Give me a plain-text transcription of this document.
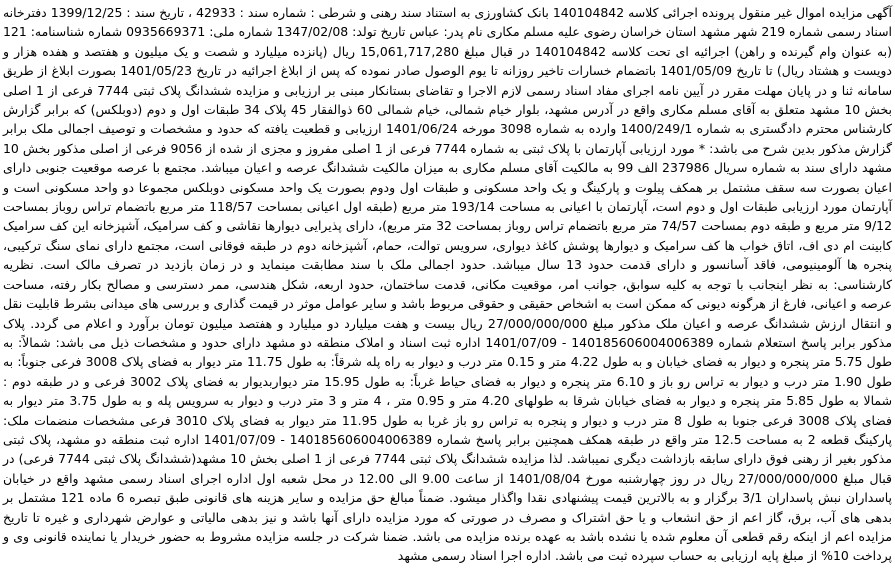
آگهی مزایده اموال غیر منقول پرونده اجرائی کلاسه 140104842 بانک کشاورزی به استناد سند رهنی و شرطی : شماره سند : 42933 ، تاریخ سند : 1399/12/25 دفترخانه اسناد رسمی شماره 219 شهر مشهد استان خراسان رضوی علیه مسلم مکاری نام پدر: عباس تاریخ تولد: 1347/02/08 شماره ملی: 0935669371 شماره شناسنامه: 121 (به عنوان وام گیرنده و راهن) اجرائیه ای تحت کلاسه 140104842 در قبال مبلغ 15,061,717,280 ریال (پانزده میلیارد و شصت و یک میلیون و هفتصد و هفده هزار و دویست و هشتاد ریال) تا تاریخ 1401/05/09 باتضمام خسارات تاخیر روزانه تا یوم الوصول صادر نموده که پس از ابلاغ اجرائیه در تاریخ 1401/05/23 بصورت ابلاغ از طریق سامانه ثنا و در پایان مهلت مقرر در آیین نامه اجرای مفاد اسناد رسمی لازم الاجرا و تقاضای بستانکار مبنی بر ارزیابی و مزایده ششدانگ پلاک ثبتی 7744 فرعی از 1 اصلی بخش 10 مشهد متعلق به آقای مسلم مکاری واقع در آدرس مشهد، بلوار خیام شمالی، خیام شمالی 60 ذوالفقار 45 پلاک 34 طبقات اول و دوم (دوبلکس) که برابر گزارش کارشناس محترم دادگستری به شماره 1400/249/1 وارده به شماره 3098 مورخه 1401/06/24 ارزیابی و قطعیت یافته که حدود و مشخصات و توصیف اجمالی ملک برابر گزارش مذکور بدین شرح می باشد: * مورد ارزیابی آپارتمان با پلاک ثبتی به شماره 7744 فرعی از 1 اصلی مفروز و مجزی از شده از 9056 فرعی از اصلی مذکور بخش 10 مشهد دارای سند به شماره سریال 237986 الف 99 به مالکیت آقای مسلم مکاری به میزان مالکیت ششدانگ عرصه و اعیان میباشد. مجتمع با عرصه موقعیت جنوبی دارای اعیان بصورت سه سقف مشتمل بر همکف پیلوت و پارکینگ و یک واحد مسکونی و طبقات اول ودوم بصورت یک واحد مسکونی دوبلکس مجموعا دو واحد مسکونی است و آپارتمان مورد ارزیابی طبقات اول و دوم است، آپارتمان با اعیانی به مساحت 193/14 متر مربع (طبقه اول اعیانی بمساحت 118/57 متر مربع باتضمام تراس روباز بمساحت 9/12 متر مربع و طبقه دوم بمساحت 74/57 متر مربع باتضمام تراس روباز بمساحت 32 متر مربع)، دارای پذیرایی دیوارها نقاشی و کف سرامیک، آشپزخانه این کف سرامیک کابینت ام دی اف، اتاق خواب ها کف سرامیک و دیوارها پوشش کاغذ دیواری، سرویس توالت، حمام، آشپزخانه دوم در طبقه فوقانی است، مجتمع دارای نمای سنگ ترکیبی، پنجره ها آلومینیومی، فاقد آسانسور و دارای قدمت حدود 13 سال میباشد. حدود اجمالی ملک با سند مطابقت مینماید و در زمان بازدید در تصرف مالک است. نظریه کارشناسی: به نظر اینجانب با توجه به کلیه سوابق، جوانب امر، موقعیت مکانی، قدمت ساختمان، حدود اربعه، شکل هندسی، ممر دسترسی و مصالح بکار رفته، مساحت عرصه و اعیانی، فارغ از هرگونه دیونی که ممکن است به اشخاص حقیقی و حقوقی مربوط باشد و سایر عوامل موثر در قیمت گذاری و بررسی های میدانی بشرط قابلیت نقل و انتقال ارزش ششدانگ عرصه و اعیان ملک مذکور مبلغ 27/000/000/000 ریال بیست و هفت میلیارد دو میلیارد و هفتصد میلیون تومان برآورد و اعلام می گردد. پلاک مذکور برابر پاسخ استعلام شماره 140185606004006389 - 1401/07/09 اداره ثبت اسناد و املاک منطقه دو مشهد دارای حدود و مشخصات ذیل می باشد: شمالاً: به طول 5.75 متر پنجره و دیوار به فضای خیابان و به طول 4.22 متر و 0.15 متر درب و دیوار به راه پله شرقاً: به طول 11.75 متر دیوار به فضای پلاک 3008 فرعی جنوباً: به طول 1.90 متر درب و دیوار به تراس رو باز و 6.10 متر پنجره و دیوار به فضای حیاط غرباً: به طول 15.95 متر دیواربدیوار به فضای پلاک 3002 فرعی و در طبقه دوم : شمالا به طول 5.85 متر پنجره و دیوار به فضای خیابان شرقا به طولهای 4.20 متر و 0.95 متر ، 4 متر و 3 متر درب و دیوار به سرویس پله و به طول 3.75 متر دیوار به فضای پلاک 3008 فرعی جنوبا به طول 8 متر درب و دیوار و پنجره به تراس رو باز غربا به طول 11.95 متر دیوار به فضای پلاک 3010 فرعی مشخصات منضمات ملک: پارکینگ قطعه 2 به مساحت 12.5 متر واقع در طبقه همکف همچنین برابر پاسخ شماره 140185606004006389 - 1401/07/09 اداره ثبت منطقه دو مشهد، پلاک ثبتی مذکور بغیر از رهنی فوق دارای سابقه بازداشت دیگری نمیباشد. لذا مزایده ششدانگ پلاک ثبتی 7744 فرعی از 1 اصلی بخش 10 مشهد(ششدانگ پلاک ثبتی 7744 فرعی) در قبال مبلغ 27/000/000/000 ریال در روز چهارشنبه مورخ 1401/08/04 از ساعت 9.00 الی 12.00 در محل شعبه اول اداره اجرای اسناد رسمی مشهد واقع در خیابان پاسداران نبش پاسداران 3/1 برگزار و به بالاترین قیمت پیشنهادی نقدا واگذار میشود. ضمناً مبالغ حق مزایده و سایر هزینه های قانونی طبق تبصره 6 ماده 121 مشتمل بر بدهی های آب، برق، گاز اعم از حق انشعاب و یا حق اشتراک و مصرف در صورتی که مورد مزایده دارای آنها باشد و نیز بدهی مالیاتی و عوارض شهرداری و غیره تا تاریخ مزایده اعم از اینکه رقم قطعی آن معلوم شده یا نشده باشد به عهده برنده مزایده می باشد. ضمنا شرکت در جلسه مزایده مشروط به حضور خریدار یا نماینده قانونی وی و پرداخت 10% از مبلغ پایه ارزیابی به حساب سپرده ثبت می باشد. اداره اجرا اسناد رسمی مشهد
